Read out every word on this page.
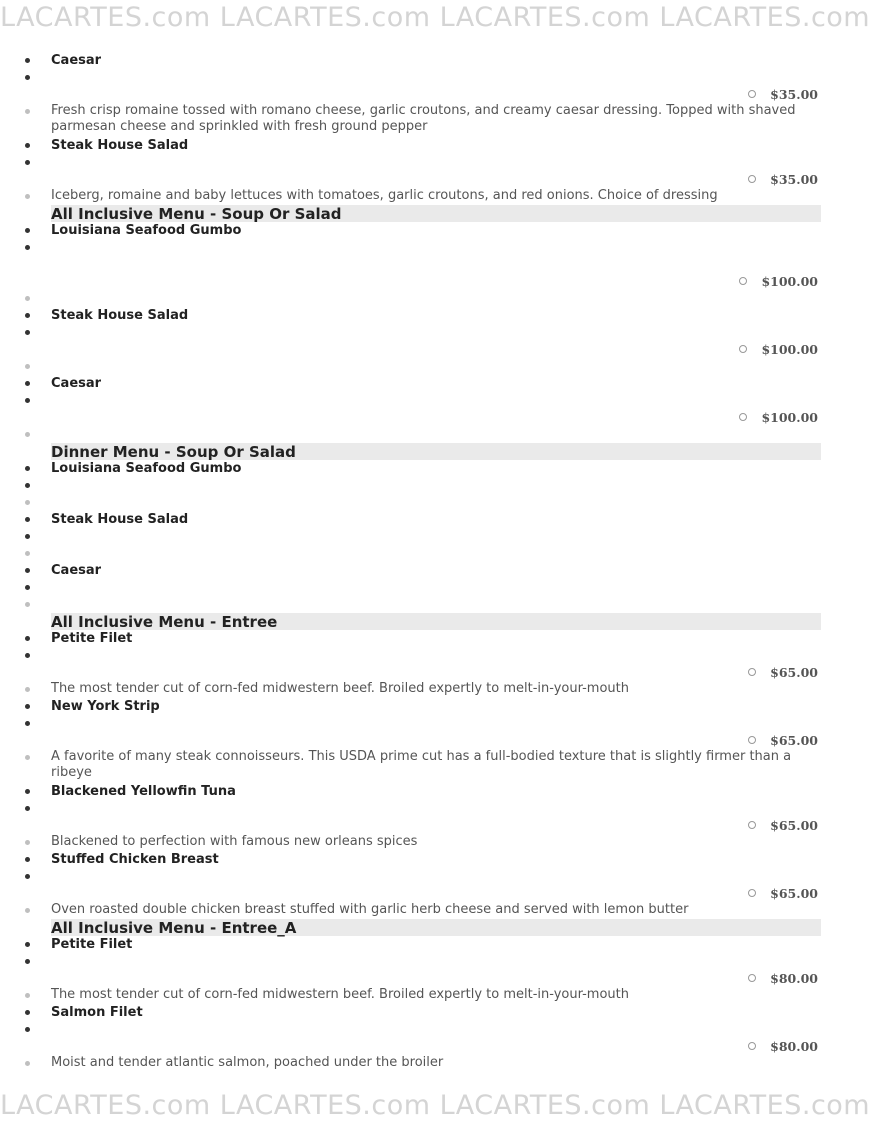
LACARTES.com LACARTES.com LACARTES.com LACARTES.com
Caesar
$35.00
Fresh crisp romaine tossed with romano cheese, garlic croutons, and creamy caesar dressing. Topped with shaved parmesan cheese and sprinkled with fresh ground pepper
Steak House Salad
$35.00
Iceberg, romaine and baby lettuces with tomatoes, garlic croutons, and red onions. Choice of dressing
All Inclusive Menu - Soup Or Salad
Louisiana Seafood Gumbo
$100.00
Steak House Salad
$100.00
Caesar
$100.00
Dinner Menu - Soup Or Salad
Louisiana Seafood Gumbo
Steak House Salad
Caesar
All Inclusive Menu - Entree
Petite Filet
$65.00
The most tender cut of corn-fed midwestern beef. Broiled expertly to melt-in-your-mouth
New York Strip
$65.00
A favorite of many steak connoisseurs. This USDA prime cut has a full-bodied texture that is slightly firmer than a ribeye
Blackened Yellowfin Tuna
$65.00
Blackened to perfection with famous new orleans spices
Stuffed Chicken Breast
$65.00
Oven roasted double chicken breast stuffed with garlic herb cheese and served with lemon butter
All Inclusive Menu - Entree_A
Petite Filet
$80.00
The most tender cut of corn-fed midwestern beef. Broiled expertly to melt-in-your-mouth
Salmon Filet
$80.00
Moist and tender atlantic salmon, poached under the broiler
LACARTES.com LACARTES.com LACARTES.com LACARTES.com
